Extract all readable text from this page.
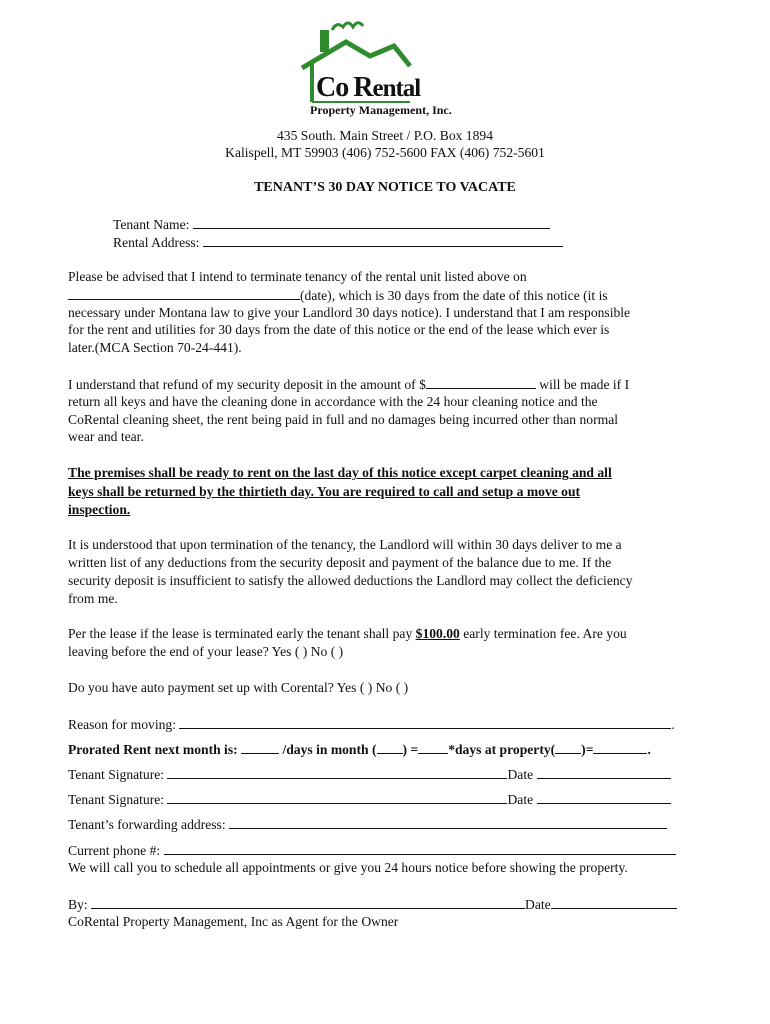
Co Rental
Property Management, Inc.
435 South. Main Street / P.O. Box 1894
Kalispell, MT 59903 (406) 752-5600 FAX (406) 752-5601
TENANT’S 30 DAY NOTICE TO VACATE
Tenant Name:
Rental Address:
Please be advised that I intend to terminate tenancy of the rental unit listed above on
(date), which is 30 days from the date of this notice (it is
necessary under Montana law to give your Landlord 30 days notice). I understand that I am responsible
for the rent and utilities for 30 days from the date of this notice or the end of the lease which ever is
later.(MCA Section 70-24-441).
I understand that refund of my security deposit in the amount of $	will be made if I
return all keys and have the cleaning done in accordance with the 24 hour cleaning notice and the
CoRental cleaning sheet, the rent being paid in full and no damages being incurred other than normal
wear and tear.
The premises shall be ready to rent on the last day of this notice except carpet cleaning and all
keys shall be returned by the thirtieth day. You are required to call and setup a move out
inspection.
It is understood that upon termination of the tenancy, the Landlord will within 30 days deliver to me a
written list of any deductions from the security deposit and payment of the balance due to me. If the
security deposit is insufficient to satisfy the allowed deductions the Landlord may collect the deficiency
from me.
Per the lease if the lease is terminated early the tenant shall pay $100.00 early termination fee. Are you
leaving before the end of your lease? Yes ( ) No ( )
Do you have auto payment set up with Corental? Yes ( ) No ( )
Reason for moving:	.
Prorated Rent next month is:	/days in month ( ) = *days at property( )=	.
Tenant Signature:	Date
Tenant Signature:	Date
Tenant’s forwarding address:
Current phone #:
We will call you to schedule all appointments or give you 24 hours notice before showing the property.
By:	Date
CoRental Property Management, Inc as Agent for the Owner
